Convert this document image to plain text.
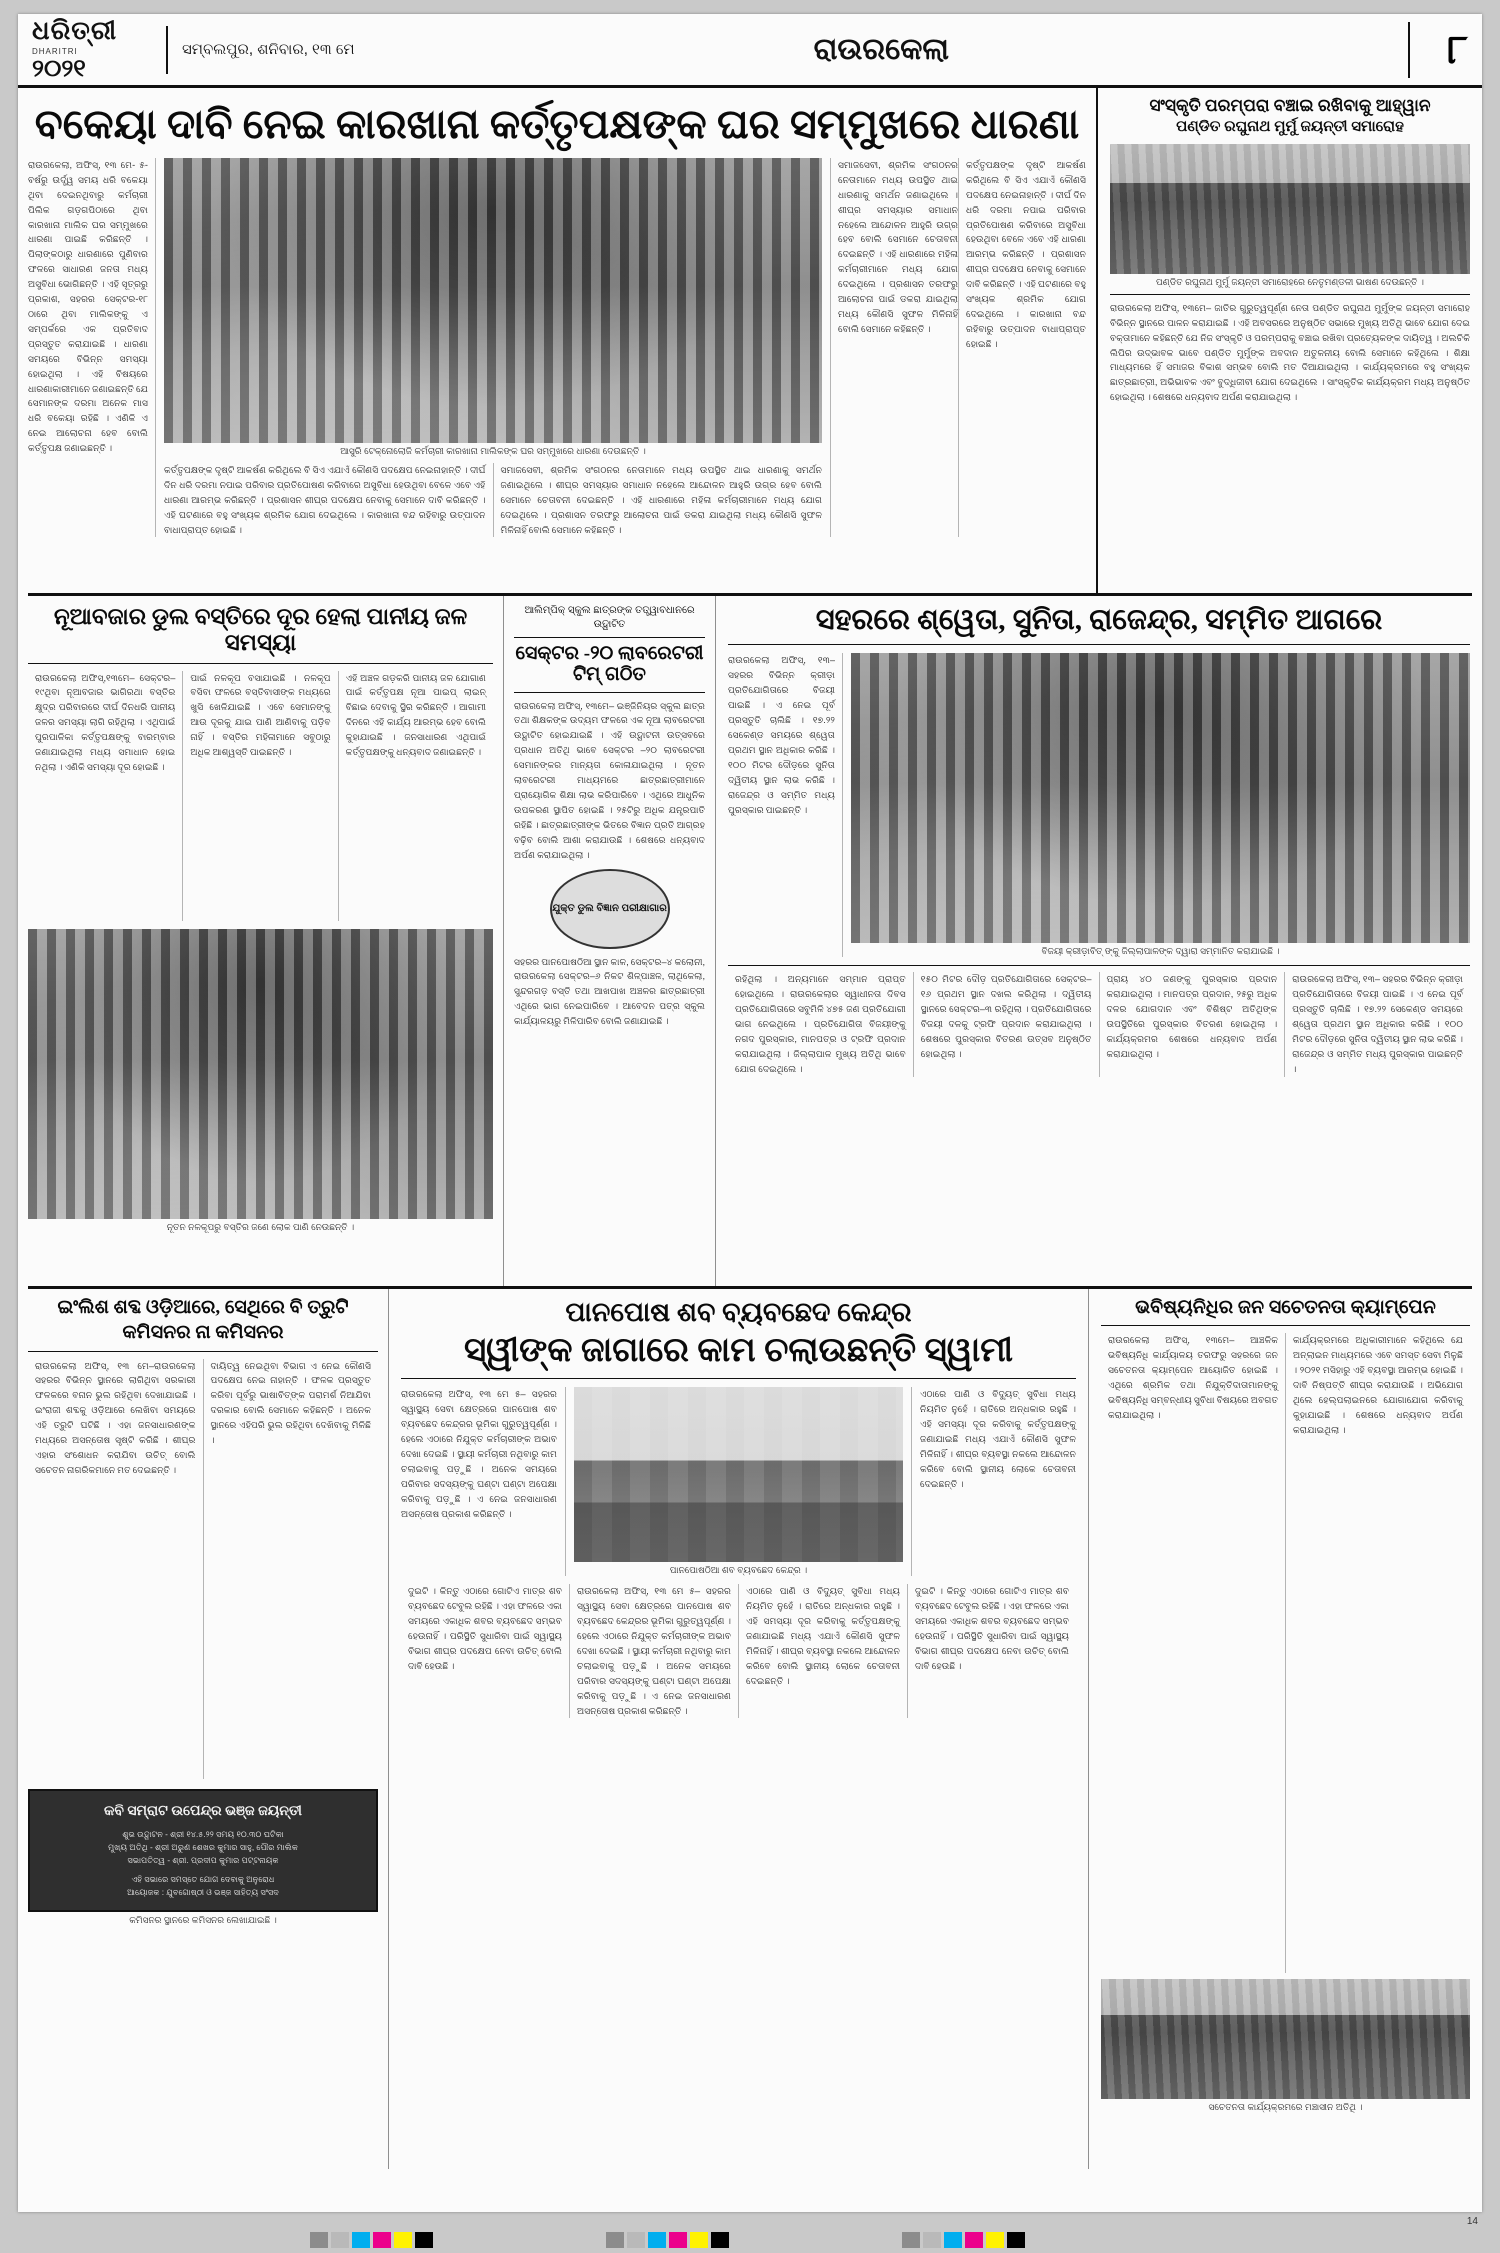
ଧରିତ୍ରୀ
DHARITRI
୨୦୨୧
ସମ୍ବଲପୁର, ଶନିବାର, ୧୩ ମେ	ରାଉରକେଲା	୮
ବକେୟା ଦାବି ନେଇ କାରଖାନା କର୍ତ୍ତୃପକ୍ଷଙ୍କ ଘର ସମ୍ମୁଖରେ ଧାରଣା
ରାଉରକେଲା, ଅଫିସ୍, ୧୩ ମେ- ୫-ବର୍ଷରୁ ଉର୍ଦ୍ଧ୍ୱ ସମୟ ଧରି ବକେୟା ଥିବା ଦେଇନଥିବାରୁ କର୍ମଚାରୀ ପିଲିକ ଗଡ଼ଗପିଠାରେ ଥିବା କାରଖାନା ମାଲିକ ଘର ସମ୍ମୁଖରେ ଧାରଣା ପାଇଛି କରିଛନ୍ତି । ପିଲାଙ୍କଠାରୁ ଧାରଣାରେ ପୁଣିବାର ଫଳରେ ସାଧାରଣ ଜନତା ମଧ୍ୟ ଅସୁବିଧା ଭୋଗିଛନ୍ତି । ଏହି ସୂତ୍ରରୁ ପ୍ରକାଶ, ସହରର ସେକ୍ଟର-୧୮ ଠାରେ ଥିବା ମାଲିକଙ୍କୁ ଏ ସମ୍ପର୍କରେ ଏକ ପ୍ରତିବାଦ ପ୍ରସ୍ତୁତ କରାଯାଇଛି । ଧାରଣା ସମୟରେ ବିଭିନ୍ନ ସମସ୍ୟା ହୋଇଥିଲା । ଏହି ବିଷୟରେ ଧାରଣାକାରୀମାନେ ଜଣାଇଛନ୍ତି ଯେ ସେମାନଙ୍କ ଦରମା ଅନେକ ମାସ ଧରି ବକେୟା ରହିଛି । ଏଣିକି ଏ ନେଇ ଆଲୋଚନା ହେବ ବୋଲି କର୍ତ୍ତୃପକ୍ଷ ଜଣାଇଛନ୍ତି ।	ଆସୁରି ଟେକ୍ନୋଲୋଜି କର୍ମଚାରୀ କାରଖାନା ମାଲିକଙ୍କ ଘର ସମ୍ମୁଖରେ ଧାରଣା ଦେଉଛନ୍ତି ।
କର୍ତ୍ତୃପକ୍ଷଙ୍କ ଦୃଷ୍ଟି ଆକର୍ଷଣ କରିଥିଲେ ବି ସିଏ ଏଯାଏଁ କୌଣସି ପଦକ୍ଷେପ ନେଇନାହାନ୍ତି । ଦୀର୍ଘ ଦିନ ଧରି ଦରମା ନପାଇ ପରିବାର ପ୍ରତିପୋଷଣ କରିବାରେ ଅସୁବିଧା ହେଉଥିବା ବେଳେ ଏବେ ଏହି ଧାରଣା ଆରମ୍ଭ କରିଛନ୍ତି । ପ୍ରଶାସନ ଶୀଘ୍ର ପଦକ୍ଷେପ ନେବାକୁ ସେମାନେ ଦାବି କରିଛନ୍ତି । ଏହି ଘଟଣାରେ ବହୁ ସଂଖ୍ୟକ ଶ୍ରମିକ ଯୋଗ ଦେଇଥିଲେ । କାରଖାନା ବନ୍ଦ ରହିବାରୁ ଉତ୍ପାଦନ ବାଧାପ୍ରାପ୍ତ ହୋଇଛି ।
ସମାଜସେବୀ, ଶ୍ରମିକ ସଂଗଠନର ନେତାମାନେ ମଧ୍ୟ ଉପସ୍ଥିତ ଥାଇ ଧାରଣାକୁ ସମର୍ଥନ ଜଣାଇଥିଲେ । ଶୀଘ୍ର ସମସ୍ୟାର ସମାଧାନ ନହେଲେ ଆନ୍ଦୋଳନ ଆହୁରି ଉଗ୍ର ହେବ ବୋଲି ସେମାନେ ଚେତାବନୀ ଦେଇଛନ୍ତି । ଏହି ଧାରଣାରେ ମହିଳା କର୍ମଚାରୀମାନେ ମଧ୍ୟ ଯୋଗ ଦେଇଥିଲେ । ପ୍ରଶାସନ ତରଫରୁ ଆଲୋଚନା ପାଇଁ ଡକରା ଯାଇଥିଲା ମଧ୍ୟ କୌଣସି ସୁଫଳ ମିଳିନାହିଁ ବୋଲି ସେମାନେ କହିଛନ୍ତି ।
ସମାଜସେବୀ, ଶ୍ରମିକ ସଂଗଠନର ନେତାମାନେ ମଧ୍ୟ ଉପସ୍ଥିତ ଥାଇ ଧାରଣାକୁ ସମର୍ଥନ ଜଣାଇଥିଲେ । ଶୀଘ୍ର ସମସ୍ୟାର ସମାଧାନ ନହେଲେ ଆନ୍ଦୋଳନ ଆହୁରି ଉଗ୍ର ହେବ ବୋଲି ସେମାନେ ଚେତାବନୀ ଦେଇଛନ୍ତି । ଏହି ଧାରଣାରେ ମହିଳା କର୍ମଚାରୀମାନେ ମଧ୍ୟ ଯୋଗ ଦେଇଥିଲେ । ପ୍ରଶାସନ ତରଫରୁ ଆଲୋଚନା ପାଇଁ ଡକରା ଯାଇଥିଲା ମଧ୍ୟ କୌଣସି ସୁଫଳ ମିଳିନାହିଁ ବୋଲି ସେମାନେ କହିଛନ୍ତି ।
କର୍ତ୍ତୃପକ୍ଷଙ୍କ ଦୃଷ୍ଟି ଆକର୍ଷଣ କରିଥିଲେ ବି ସିଏ ଏଯାଏଁ କୌଣସି ପଦକ୍ଷେପ ନେଇନାହାନ୍ତି । ଦୀର୍ଘ ଦିନ ଧରି ଦରମା ନପାଇ ପରିବାର ପ୍ରତିପୋଷଣ କରିବାରେ ଅସୁବିଧା ହେଉଥିବା ବେଳେ ଏବେ ଏହି ଧାରଣା ଆରମ୍ଭ କରିଛନ୍ତି । ପ୍ରଶାସନ ଶୀଘ୍ର ପଦକ୍ଷେପ ନେବାକୁ ସେମାନେ ଦାବି କରିଛନ୍ତି । ଏହି ଘଟଣାରେ ବହୁ ସଂଖ୍ୟକ ଶ୍ରମିକ ଯୋଗ ଦେଇଥିଲେ । କାରଖାନା ବନ୍ଦ ରହିବାରୁ ଉତ୍ପାଦନ ବାଧାପ୍ରାପ୍ତ ହୋଇଛି ।
ସଂସ୍କୃତି ପରମ୍ପରା ବଞ୍ଚାଇ ରଖିବାକୁ ଆହ୍ୱାନ
ପଣ୍ଡିତ ରଘୁନାଥ ମୁର୍ମୁ ଜୟନ୍ତୀ ସମାରୋହ
ପଣ୍ଡିତ ରଘୁନାଥ ମୁର୍ମୁ ଜୟନ୍ତୀ ସମାରୋହରେ ନେତୃମଣ୍ଡଳୀ ଭାଷଣ ଦେଉଛନ୍ତି ।
ରାଉରକେଲା ଅଫିସ୍, ୧୩ମେ– ଜାତିର ଗୁରୁତ୍ୱପୂର୍ଣ୍ଣ ନେତା ପଣ୍ଡିତ ରଘୁନାଥ ମୁର୍ମୁଙ୍କ ଜୟନ୍ତୀ ସମାରୋହ ବିଭିନ୍ନ ସ୍ଥାନରେ ପାଳନ କରାଯାଇଛି । ଏହି ଅବସରରେ ଅନୁଷ୍ଠିତ ସଭାରେ ମୁଖ୍ୟ ଅତିଥି ଭାବେ ଯୋଗ ଦେଇ ବକ୍ତାମାନେ କହିଛନ୍ତି ଯେ ନିଜ ସଂସ୍କୃତି ଓ ପରମ୍ପରାକୁ ବଞ୍ଚାଇ ରଖିବା ପ୍ରତ୍ୟେକଙ୍କ ଦାୟିତ୍ୱ । ଅଲଚିକି ଲିପିର ଉଦ୍ଭାବକ ଭାବେ ପଣ୍ଡିତ ମୁର୍ମୁଙ୍କ ଅବଦାନ ଅତୁଳନୀୟ ବୋଲି ସେମାନେ କହିଥିଲେ । ଶିକ୍ଷା ମାଧ୍ୟମରେ ହିଁ ସମାଜର ବିକାଶ ସମ୍ଭବ ବୋଲି ମତ ଦିଆଯାଇଥିଲା । କାର୍ଯ୍ୟକ୍ରମରେ ବହୁ ସଂଖ୍ୟକ ଛାତ୍ରଛାତ୍ରୀ, ଅଭିଭାବକ ଏବଂ ବୁଦ୍ଧିଜୀବୀ ଯୋଗ ଦେଇଥିଲେ । ସାଂସ୍କୃତିକ କାର୍ଯ୍ୟକ୍ରମ ମଧ୍ୟ ଅନୁଷ୍ଠିତ ହୋଇଥିଲା । ଶେଷରେ ଧନ୍ୟବାଦ ଅର୍ପଣ କରାଯାଇଥିଲା ।
ନୂଆବଜାର ଡୁଲ ବସ୍ତିରେ ଦୂର ହେଲା ପାନୀୟ ଜଳ ସମସ୍ୟା
ରାଉରକେଲା ଅଫିସ୍,୧୩ମେ– ସେକ୍ଟର–୧୯ଥିବା ନୂଆବଜାର ଭାଗିରଥା ବସ୍ତିର କ୍ଷୁଦ୍ର ପରିବାରରେ ଦୀର୍ଘ ଦିନଧରି ପାନୀୟ ଜଳର ସମସ୍ୟା ଲାଗି ରହିଥିଲା । ଏଥିପାଇଁ ପୁରପାଳିକା କର୍ତ୍ତୃପକ୍ଷଙ୍କୁ ବାରମ୍ବାର ଜଣାଯାଇଥିଲା ମଧ୍ୟ ସମାଧାନ ହୋଇ ନଥିଲା । ଏଣିକି ସମସ୍ୟା ଦୂର ହୋଇଛି ।
ପାଇଁ ନଳକୂପ ବସାଯାଇଛି । ନଳକୂପ ବସିବା ଫଳରେ ବସ୍ତିବାସୀଙ୍କ ମଧ୍ୟରେ ଖୁସି ଖେଳିଯାଇଛି । ଏବେ ସେମାନଙ୍କୁ ଆଉ ଦୂରକୁ ଯାଇ ପାଣି ଆଣିବାକୁ ପଡ଼ିବ ନାହିଁ । ବସ୍ତିର ମହିଳାମାନେ ସବୁଠାରୁ ଅଧିକ ଆଶ୍ୱସ୍ତି ପାଇଛନ୍ତି ।
ଏହି ଅଞ୍ଚଳ ଗଡ଼କରି ପାନୀୟ ଜଳ ଯୋଗାଣ ପାଇଁ କର୍ତ୍ତୃପକ୍ଷ ନୂଆ ପାଇପ୍ ଲାଇନ୍ ବିଛାଇ ଦେବାକୁ ସ୍ଥିର କରିଛନ୍ତି । ଆଗାମୀ ଦିନରେ ଏହି କାର୍ଯ୍ୟ ଆରମ୍ଭ ହେବ ବୋଲି କୁହାଯାଇଛି । ଜନସାଧାରଣ ଏଥିପାଇଁ କର୍ତ୍ତୃପକ୍ଷଙ୍କୁ ଧନ୍ୟବାଦ ଜଣାଇଛନ୍ତି ।
ନୂତନ ନଳକୂପରୁ ବସ୍ତିର ଜଣେ ଲୋକ ପାଣି ନେଉଛନ୍ତି ।
ଆଲିମ୍ପିକ୍ ସ୍କୁଲ ଛାତ୍ରଙ୍କ ତତ୍ତ୍ୱାବଧାନରେ ଉଦ୍ଘାଟିତ
ସେକ୍ଟର -୨୦ ଲାବରେଟରୀ ଟିମ୍ ଗଠିତ
ରାଉରକେଲା ଅଫିସ୍, ୧୩ମେ– ଇଞ୍ଜିନିୟର ସ୍କୁଲ ଛାତ୍ର ତଥା ଶିକ୍ଷକଙ୍କ ଉଦ୍ୟମ ଫଳରେ ଏକ ନୂଆ ଲାବରେଟରୀ ଉଦ୍ଘାଟିତ ହୋଇଯାଇଛି । ଏହି ଉଦ୍ଘାଟନୀ ଉତ୍ସବରେ ପ୍ରଧାନ ଅତିଥି ଭାବେ ସେକ୍ଟର –୨୦ ଲାବରେଟରୀ ସେମାନଙ୍କର ମାନ୍ୟତା କୋଳାଯାଇଥିଲା । ନୂତନ ଲାବରେଟରୀ ମାଧ୍ୟମରେ ଛାତ୍ରଛାତ୍ରୀମାନେ ପ୍ରାୟୋଗିକ ଶିକ୍ଷା ଲାଭ କରିପାରିବେ । ଏଥିରେ ଆଧୁନିକ ଉପକରଣ ସ୍ଥାପିତ ହୋଇଛି । ୨୫ଟିରୁ ଅଧିକ ଯନ୍ତ୍ରପାତି ରହିଛି । ଛାତ୍ରଛାତ୍ରୀଙ୍କ ଭିତରେ ବିଜ୍ଞାନ ପ୍ରତି ଆଗ୍ରହ ବଢ଼ିବ ବୋଲି ଆଶା କରାଯାଉଛି । ଶେଷରେ ଧନ୍ୟବାଦ ଅର୍ପଣ କରାଯାଇଥିଲା ।
ଯୁକ୍ତ ଡୁଲ ବିଜ୍ଞାନ ପରୀକ୍ଷାଗାର
ସହରର ପାନପୋଷଠିଆ ସ୍ଥାନ କାଳ, ସେକ୍ଟର–୪ କଲୋନୀ, ରାଉରକେଲା ସେକ୍ଟର–୬ ନିକଟ ଶିଳ୍ପାଞ୍ଚଳ, ଲାଥିକେଲା, ସୁନ୍ଦରଗଡ଼ ବସ୍ତି ତଥା ଆଖପାଖ ଅଞ୍ଚଳର ଛାତ୍ରଛାତ୍ରୀ ଏଥିରେ ଭାଗ ନେଇପାରିବେ । ଆବେଦନ ପତ୍ର ସ୍କୁଲ କାର୍ଯ୍ୟାଳୟରୁ ମିଳିପାରିବ ବୋଲି ଜଣାଯାଇଛି ।
ସହରରେ ଶ୍ୱେତା, ସୁନିତା, ରାଜେନ୍ଦ୍ର, ସମ୍ମିତ ଆଗରେ
ରାଉରକେଲା ଅଫିସ୍, ୧୩– ସହରର ବିଭିନ୍ନ କ୍ରୀଡ଼ା ପ୍ରତିଯୋଗିତାରେ ବିଜୟୀ ପାଇଛି । ଏ ନେଇ ପୂର୍ବ ପ୍ରସ୍ତୁତି ଚାଲିଛି । ୧୭.୨୨ ସେକେଣ୍ଡ ସମୟରେ ଶ୍ୱେତା ପ୍ରଥମ ସ୍ଥାନ ଅଧିକାର କରିଛି । ୧୦୦ ମିଟର ଦୌଡ଼ରେ ସୁନିତା ଦ୍ୱିତୀୟ ସ୍ଥାନ ଲାଭ କରିଛି । ରାଜେନ୍ଦ୍ର ଓ ସମ୍ମିତ ମଧ୍ୟ ପୁରସ୍କାର ପାଇଛନ୍ତି ।
ବିଜୟୀ କ୍ରୀଡ଼ାବିତ୍ ଙ୍କୁ ଜିଲ୍ଲାପାଳଙ୍କ ଦ୍ୱାରା ସମ୍ମାନିତ କରାଯାଇଛି ।
ରହିଥିଲା । ଅନ୍ୟମାନେ ସମ୍ମାନ ପ୍ରାପ୍ତ ହୋଇଥିଲେ । ରାଉରକେଲାର ସ୍ୱାଧୀନତା ଦିବସ ପ୍ରତିଯୋଗିତାରେ ସବୁମିଳି ୪୭୫ ଜଣ ପ୍ରତିଯୋଗୀ ଭାଗ ନେଇଥିଲେ । ପ୍ରତିଯୋଗିତା ବିଜୟୀଙ୍କୁ ନଗଦ ପୁରସ୍କାର, ମାନପତ୍ର ଓ ଟ୍ରଫି ପ୍ରଦାନ କରାଯାଇଥିଲା । ଜିଲ୍ଲାପାଳ ମୁଖ୍ୟ ଅତିଥି ଭାବେ ଯୋଗ ଦେଇଥିଲେ ।
୧୫୦ ମିଟର ଦୌଡ଼ ପ୍ରତିଯୋଗିତାରେ ସେକ୍ଟର–୧୬ ପ୍ରଥମ ସ୍ଥାନ ଦଖଲ କରିଥିଲା । ଦ୍ୱିତୀୟ ସ୍ଥାନରେ ସେକ୍ଟର–୩ ରହିଥିଲା । ପ୍ରତିଯୋଗିତାରେ ବିଜୟୀ ଦଳକୁ ଟ୍ରଫି ପ୍ରଦାନ କରାଯାଇଥିଲା । ଶେଷରେ ପୁରସ୍କାର ବିତରଣ ଉତ୍ସବ ଅନୁଷ୍ଠିତ ହୋଇଥିଲା ।
ପ୍ରାୟ ୪୦ ଜଣଙ୍କୁ ପୁରସ୍କାର ପ୍ରଦାନ କରାଯାଇଥିଲା । ମାନପତ୍ର ପ୍ରଦାନ, ୨୫ରୁ ଅଧିକ ଦଳର ଯୋଗଦାନ ଏବଂ ବିଶିଷ୍ଟ ଅତିଥିଙ୍କ ଉପସ୍ଥିତିରେ ପୁରସ୍କାର ବିତରଣ ହୋଇଥିଲା । କାର୍ଯ୍ୟକ୍ରମର ଶେଷରେ ଧନ୍ୟବାଦ ଅର୍ପଣ କରାଯାଇଥିଲା ।
ରାଉରକେଲା ଅଫିସ୍, ୧୩– ସହରର ବିଭିନ୍ନ କ୍ରୀଡ଼ା ପ୍ରତିଯୋଗିତାରେ ବିଜୟୀ ପାଇଛି । ଏ ନେଇ ପୂର୍ବ ପ୍ରସ୍ତୁତି ଚାଲିଛି । ୧୭.୨୨ ସେକେଣ୍ଡ ସମୟରେ ଶ୍ୱେତା ପ୍ରଥମ ସ୍ଥାନ ଅଧିକାର କରିଛି । ୧୦୦ ମିଟର ଦୌଡ଼ରେ ସୁନିତା ଦ୍ୱିତୀୟ ସ୍ଥାନ ଲାଭ କରିଛି । ରାଜେନ୍ଦ୍ର ଓ ସମ୍ମିତ ମଧ୍ୟ ପୁରସ୍କାର ପାଇଛନ୍ତି ।
ଇଂଲିଶ ଶବ୍ଦ ଓଡ଼ିଆରେ, ସେଥିରେ ବି ତ୍ରୁଟି
କମିସନର ନା କମିସନର
ରାଉରକେଲା ଅଫିସ୍, ୧୩ ମେ–ରାଉରକେଲା ସହରର ବିଭିନ୍ନ ସ୍ଥାନରେ ଲାଗିଥିବା ସରକାରୀ ଫଳକରେ ବନାନ ଭୁଲ ରହିଥିବା ଦେଖାଯାଇଛି । ଇଂରାଜୀ ଶବ୍ଦକୁ ଓଡ଼ିଆରେ ଲେଖିବା ସମୟରେ ଏହି ତ୍ରୁଟି ଘଟିଛି । ଏହା ଜନସାଧାରଣଙ୍କ ମଧ୍ୟରେ ଅସନ୍ତୋଷ ସୃଷ୍ଟି କରିଛି । ଶୀଘ୍ର ଏହାର ସଂଶୋଧନ କରାଯିବା ଉଚିତ୍ ବୋଲି ସଚେତନ ନାଗରିକମାନେ ମତ ଦେଇଛନ୍ତି ।
ଦାୟିତ୍ୱ ନେଇଥିବା ବିଭାଗ ଏ ନେଇ କୌଣସି ପଦକ୍ଷେପ ନେଇ ନାହାନ୍ତି । ଫଳକ ପ୍ରସ୍ତୁତ କରିବା ପୂର୍ବରୁ ଭାଷାବିତ୍ଙ୍କ ପରାମର୍ଶ ନିଆଯିବା ଦରକାର ବୋଲି ସେମାନେ କହିଛନ୍ତି । ଅନେକ ସ୍ଥାନରେ ଏହିପରି ଭୁଲ ରହିଥିବା ଦେଖିବାକୁ ମିଳିଛି ।
କବି ସମ୍ରାଟ ଉପେନ୍ଦ୍ର ଭଞ୍ଜ ଜୟନ୍ତୀ
ଶୁଭ ଉଦ୍ଘାଟନ - ଶ୍ରୀ ୧୪.୫.୨୨ ସମୟ ୧୦.୩୦ ଘଟିକା
ମୁଖ୍ୟ ଅତିଥି - ଶ୍ରୀ ଅରୁଣ ଶେଖର କୁମାର ସାହୁ, ପୌର ମାଲିକ
ସଭାପତିତ୍ୱ - ଶ୍ରୀ. ପ୍ରଦୀପ କୁମାର ପଟ୍ଟନାୟକ
ଏହି ସଭାରେ ସମସ୍ତେ ଯୋଗ ଦେବାକୁ ଅନୁରୋଧ
ଆୟୋଜକ : ଯୁବଗୋଷ୍ଠୀ ଓ ଭଞ୍ଜ ସାହିତ୍ୟ ସଂସଦ
କମିସନର ସ୍ଥାନରେ କମିସନର ଲେଖାଯାଇଛି ।
ପାନପୋଷ ଶବ ବ୍ୟବଛେଦ କେନ୍ଦ୍ର
ସ୍ୱୀଙ୍କ ଜାଗାରେ କାମ ଚଲାଉଛନ୍ତି ସ୍ୱାମୀ
ରାଉରକେଲା ଅଫିସ୍, ୧୩ ମେ ୫– ସହରର ସ୍ୱାସ୍ଥ୍ୟ ସେବା କ୍ଷେତ୍ରରେ ପାନପୋଷ ଶବ ବ୍ୟବଛେଦ କେନ୍ଦ୍ରର ଭୂମିକା ଗୁରୁତ୍ୱପୂର୍ଣ୍ଣ । ହେଲେ ଏଠାରେ ନିଯୁକ୍ତ କର୍ମଚାରୀଙ୍କ ଅଭାବ ଦେଖା ଦେଇଛି । ସ୍ଥାୟୀ କର୍ମଚାରୀ ନଥିବାରୁ କାମ ଚଲାଇବାକୁ ପଡ଼ୁଛି । ଅନେକ ସମୟରେ ପରିବାର ସଦସ୍ୟଙ୍କୁ ଘଣ୍ଟା ଘଣ୍ଟା ଅପେକ୍ଷା କରିବାକୁ ପଡ଼ୁଛି । ଏ ନେଇ ଜନସାଧାରଣ ଅସନ୍ତୋଷ ପ୍ରକାଶ କରିଛନ୍ତି ।
ପାନପୋଷଠିଆ ଶବ ବ୍ୟବଛେଦ କେନ୍ଦ୍ର ।
ଏଠାରେ ପାଣି ଓ ବିଦ୍ୟୁତ୍ ସୁବିଧା ମଧ୍ୟ ନିୟମିତ ନୁହେଁ । ରାତିରେ ଅନ୍ଧକାର ରହୁଛି । ଏହି ସମସ୍ୟା ଦୂର କରିବାକୁ କର୍ତ୍ତୃପକ୍ଷଙ୍କୁ ଜଣାଯାଇଛି ମଧ୍ୟ ଏଯାଏଁ କୌଣସି ସୁଫଳ ମିଳିନାହିଁ । ଶୀଘ୍ର ବ୍ୟବସ୍ଥା ନକଲେ ଆନ୍ଦୋଳନ କରିବେ ବୋଲି ସ୍ଥାନୀୟ ଲୋକେ ଚେତାବନୀ ଦେଇଛନ୍ତି ।
ଦୁଇଟି । କିନ୍ତୁ ଏଠାରେ ଗୋଟିଏ ମାତ୍ର ଶବ ବ୍ୟବଛେଦ ଟେବୁଲ ରହିଛି । ଏହା ଫଳରେ ଏକା ସମୟରେ ଏକାଧିକ ଶବର ବ୍ୟବଛେଦ ସମ୍ଭବ ହେଉନାହିଁ । ପରିସ୍ଥିତି ସୁଧାରିବା ପାଇଁ ସ୍ୱାସ୍ଥ୍ୟ ବିଭାଗ ଶୀଘ୍ର ପଦକ୍ଷେପ ନେବା ଉଚିତ୍ ବୋଲି ଦାବି ହେଉଛି ।
ରାଉରକେଲା ଅଫିସ୍, ୧୩ ମେ ୫– ସହରର ସ୍ୱାସ୍ଥ୍ୟ ସେବା କ୍ଷେତ୍ରରେ ପାନପୋଷ ଶବ ବ୍ୟବଛେଦ କେନ୍ଦ୍ରର ଭୂମିକା ଗୁରୁତ୍ୱପୂର୍ଣ୍ଣ । ହେଲେ ଏଠାରେ ନିଯୁକ୍ତ କର୍ମଚାରୀଙ୍କ ଅଭାବ ଦେଖା ଦେଇଛି । ସ୍ଥାୟୀ କର୍ମଚାରୀ ନଥିବାରୁ କାମ ଚଲାଇବାକୁ ପଡ଼ୁଛି । ଅନେକ ସମୟରେ ପରିବାର ସଦସ୍ୟଙ୍କୁ ଘଣ୍ଟା ଘଣ୍ଟା ଅପେକ୍ଷା କରିବାକୁ ପଡ଼ୁଛି । ଏ ନେଇ ଜନସାଧାରଣ ଅସନ୍ତୋଷ ପ୍ରକାଶ କରିଛନ୍ତି ।
ଏଠାରେ ପାଣି ଓ ବିଦ୍ୟୁତ୍ ସୁବିଧା ମଧ୍ୟ ନିୟମିତ ନୁହେଁ । ରାତିରେ ଅନ୍ଧକାର ରହୁଛି । ଏହି ସମସ୍ୟା ଦୂର କରିବାକୁ କର୍ତ୍ତୃପକ୍ଷଙ୍କୁ ଜଣାଯାଇଛି ମଧ୍ୟ ଏଯାଏଁ କୌଣସି ସୁଫଳ ମିଳିନାହିଁ । ଶୀଘ୍ର ବ୍ୟବସ୍ଥା ନକଲେ ଆନ୍ଦୋଳନ କରିବେ ବୋଲି ସ୍ଥାନୀୟ ଲୋକେ ଚେତାବନୀ ଦେଇଛନ୍ତି ।
ଦୁଇଟି । କିନ୍ତୁ ଏଠାରେ ଗୋଟିଏ ମାତ୍ର ଶବ ବ୍ୟବଛେଦ ଟେବୁଲ ରହିଛି । ଏହା ଫଳରେ ଏକା ସମୟରେ ଏକାଧିକ ଶବର ବ୍ୟବଛେଦ ସମ୍ଭବ ହେଉନାହିଁ । ପରିସ୍ଥିତି ସୁଧାରିବା ପାଇଁ ସ୍ୱାସ୍ଥ୍ୟ ବିଭାଗ ଶୀଘ୍ର ପଦକ୍ଷେପ ନେବା ଉଚିତ୍ ବୋଲି ଦାବି ହେଉଛି ।
ଭବିଷ୍ୟନିଧିର ଜନ ସଚେତନତା କ୍ୟାମ୍ପେନ
ରାଉରକେଲା ଅଫିସ୍, ୧୩ମେ– ଆଞ୍ଚଳିକ ଭବିଷ୍ୟନିଧି କାର୍ଯ୍ୟାଳୟ ତରଫରୁ ସହରରେ ଜନ ସଚେତନତା କ୍ୟାମ୍ପେନ ଆୟୋଜିତ ହୋଇଛି । ଏଥିରେ ଶ୍ରମିକ ତଥା ନିଯୁକ୍ତିଦାତାମାନଙ୍କୁ ଭବିଷ୍ୟନିଧି ସମ୍ବନ୍ଧୀୟ ସୁବିଧା ବିଷୟରେ ଅବଗତ କରାଯାଇଥିଲା ।
କାର୍ଯ୍ୟକ୍ରମରେ ଅଧିକାରୀମାନେ କହିଥିଲେ ଯେ ଅନ୍ଲାଇନ ମାଧ୍ୟମରେ ଏବେ ସମସ୍ତ ସେବା ମିଳୁଛି । ୨୦୨୧ ମସିହାରୁ ଏହି ବ୍ୟବସ୍ଥା ଆରମ୍ଭ ହୋଇଛି । ଦାବି ନିଷ୍ପତ୍ତି ଶୀଘ୍ର କରାଯାଉଛି । ଅଭିଯୋଗ ଥିଲେ ହେଲ୍ପଲାଇନରେ ଯୋଗାଯୋଗ କରିବାକୁ କୁହାଯାଇଛି । ଶେଷରେ ଧନ୍ୟବାଦ ଅର୍ପଣ କରାଯାଇଥିଲା ।
ସଚେତନତା କାର୍ଯ୍ୟକ୍ରମରେ ମଞ୍ଚାସୀନ ଅତିଥି ।
14
